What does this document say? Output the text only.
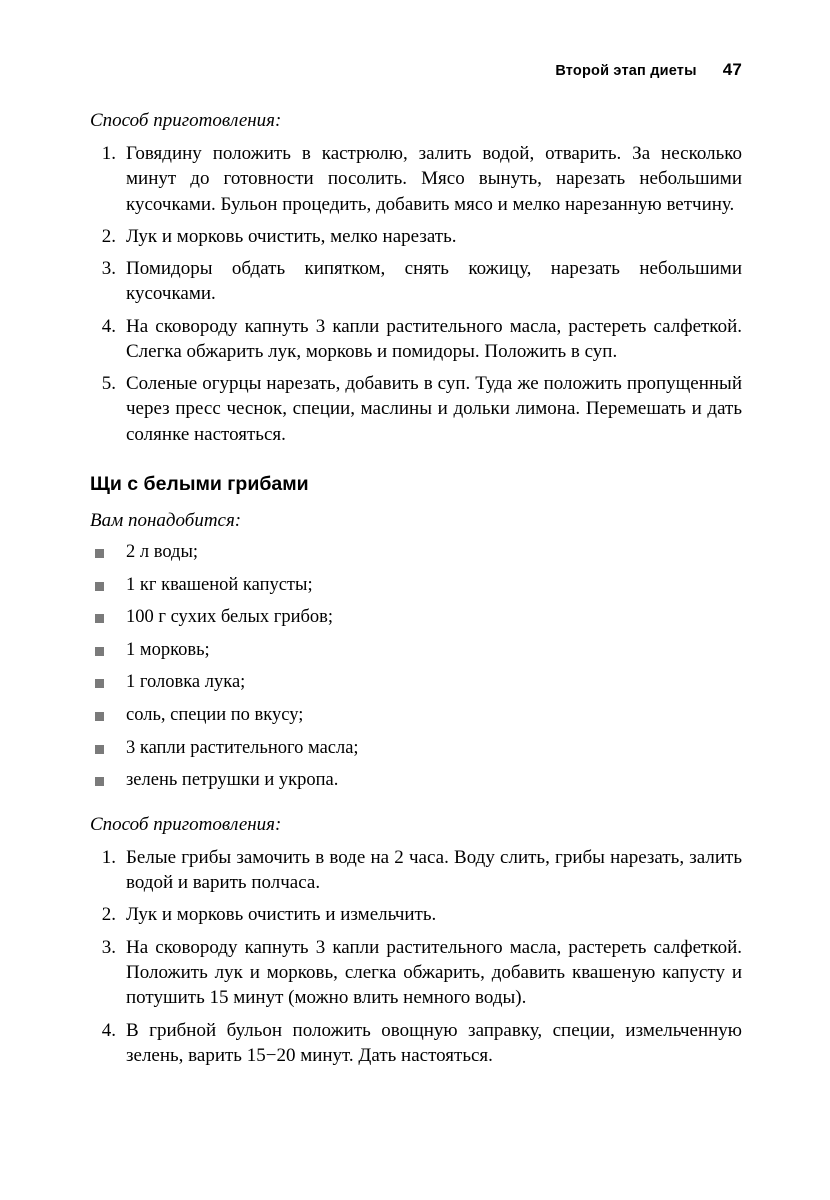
Второй этап диеты 47
Способ приготовления:
1. Говядину положить в кастрюлю, залить водой, отварить. За несколько минут до готовности посолить. Мясо вынуть, нарезать небольшими кусочками. Бульон процедить, добавить мясо и мелко нарезанную ветчину.
2. Лук и морковь очистить, мелко нарезать.
3. Помидоры обдать кипятком, снять кожицу, нарезать небольшими кусочками.
4. На сковороду капнуть 3 капли растительного масла, растереть салфеткой. Слегка обжарить лук, морковь и помидоры. Положить в суп.
5. Соленые огурцы нарезать, добавить в суп. Туда же положить пропущенный через пресс чеснок, специи, маслины и дольки лимона. Перемешать и дать солянке настояться.
Щи с белыми грибами
Вам понадобится:
2 л воды;
1 кг квашеной капусты;
100 г сухих белых грибов;
1 морковь;
1 головка лука;
соль, специи по вкусу;
3 капли растительного масла;
зелень петрушки и укропа.
Способ приготовления:
1. Белые грибы замочить в воде на 2 часа. Воду слить, грибы нарезать, залить водой и варить полчаса.
2. Лук и морковь очистить и измельчить.
3. На сковороду капнуть 3 капли растительного масла, растереть салфеткой. Положить лук и морковь, слегка обжарить, добавить квашеную капусту и потушить 15 минут (можно влить немного воды).
4. В грибной бульон положить овощную заправку, специи, измельченную зелень, варить 15−20 минут. Дать настояться.
